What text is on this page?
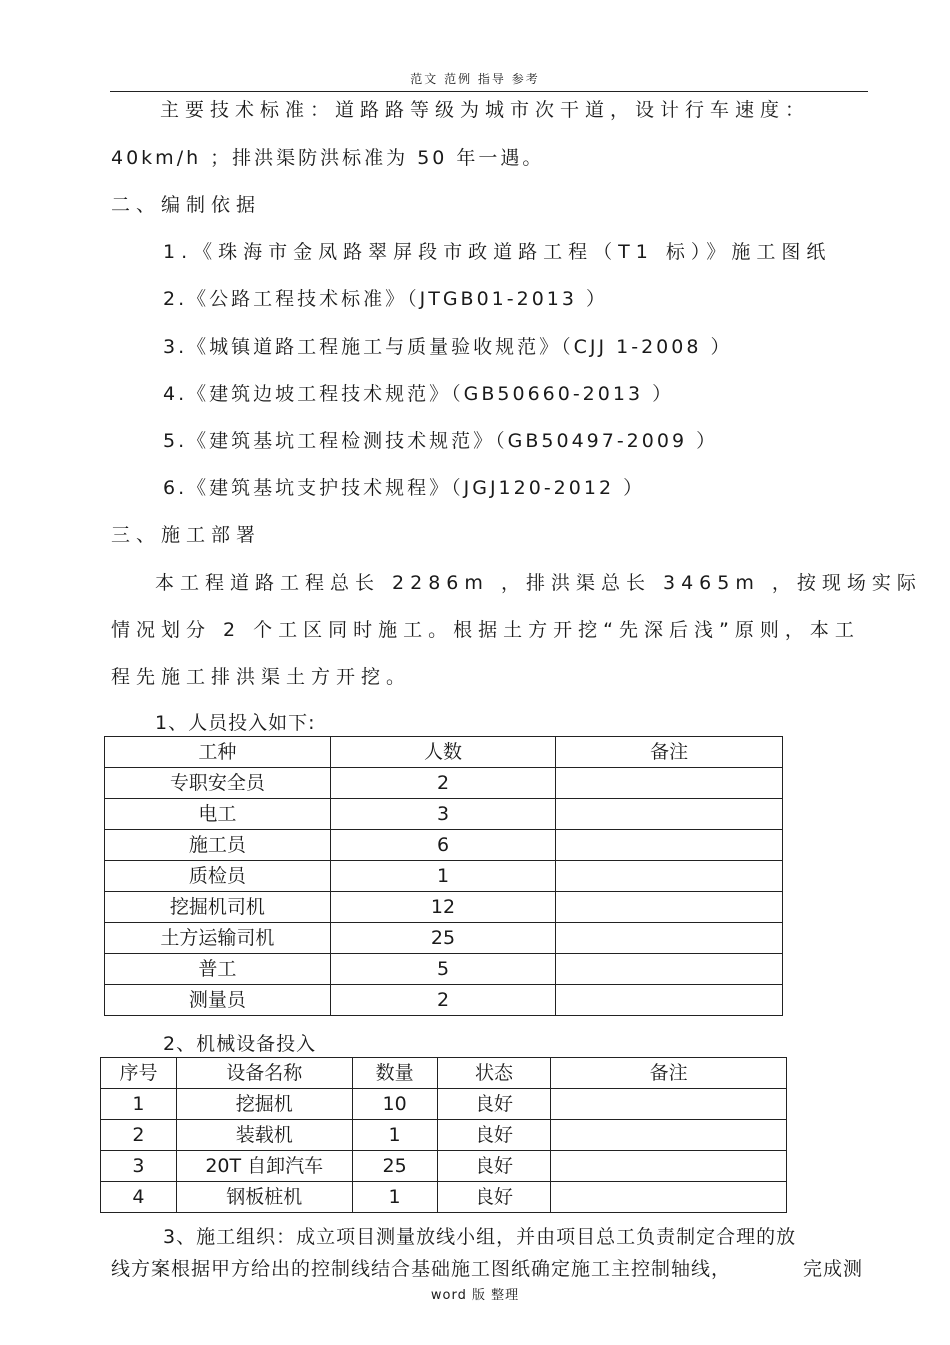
范文 范例 指导 参考
主要技术标准：道路路等级为城市次干道，设计行车速度：
40km/h ；排洪渠防洪标准为 50 年一遇。
二、编制依据
1.《珠海市金凤路翠屏段市政道路工程（T1 标）》施工图纸
2.《公路工程技术标准》（JTGB01-2013 ）
3.《城镇道路工程施工与质量验收规范》（CJJ 1-2008 ）
4.《建筑边坡工程技术规范》（GB50660-2013 ）
5.《建筑基坑工程检测技术规范》（GB50497-2009 ）
6.《建筑基坑支护技术规程》（JGJ120-2012 ）
三、施工部署
本工程道路工程总长 2286m ，排洪渠总长 3465m ，按现场实际
情况划分 2 个工区同时施工。根据土方开挖“先深后浅”原则，本工
程先施工排洪渠土方开挖。
1、人员投入如下:
工种	人数	备注
专职安全员	2	
电工	3	
施工员	6	
质检员	1	
挖掘机司机	12	
土方运输司机	25	
普工	5	
测量员	2	
2、机械设备投入
序号	设备名称	数量	状态	备注
1	挖掘机	10	良好	
2	装载机	1	良好	
3	20T 自卸汽车	25	良好	
4	钢板桩机	1	良好	
3、施工组织：成立项目测量放线小组，并由项目总工负责制定合理的放
线方案根据甲方给出的控制线结合基础施工图纸确定施工主控制轴线，	完成测
word 版 整理
